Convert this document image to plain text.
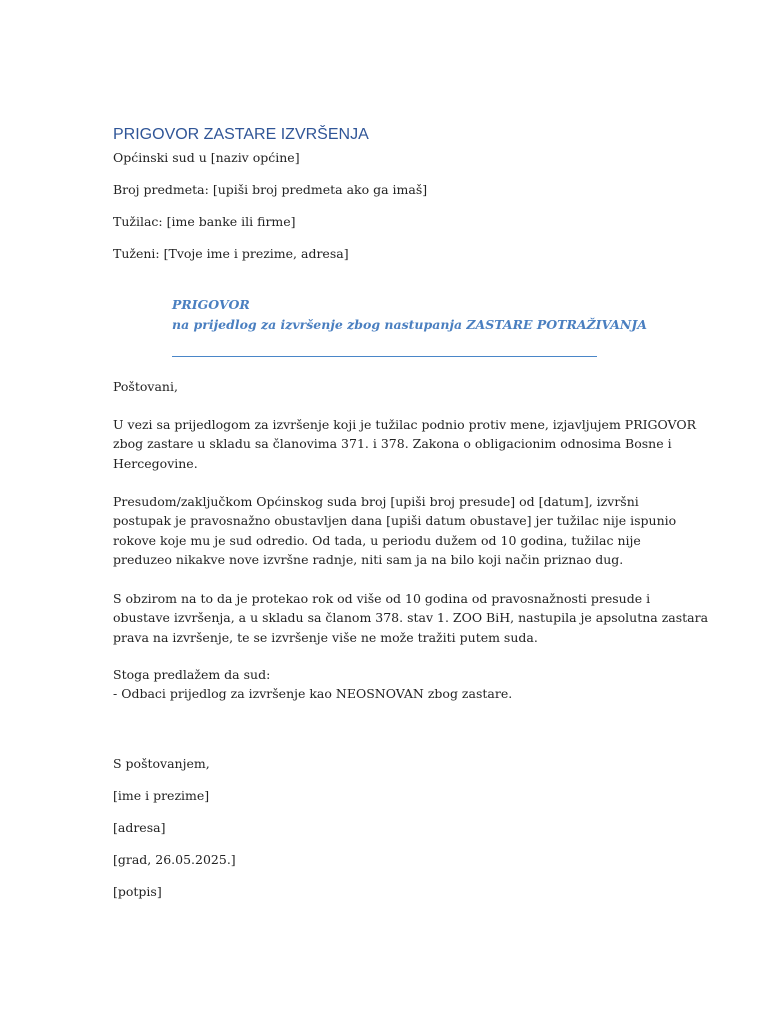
PRIGOVOR ZASTARE IZVRŠENJA

Općinski sud u [naziv općine]

Broj predmeta: [upiši broj predmeta ako ga imaš]

Tužilac: [ime banke ili firme]

Tuženi: [Tvoje ime i prezime, adresa]

PRIGOVOR

na prijedlog za izvršenje zbog nastupanja ZASTARE POTRAŽIVANJA

Poštovani,

U vezi sa prijedlogom za izvršenje koji je tužilac podnio protiv mene, izjavljujem PRIGOVOR
zbog zastare u skladu sa članovima 371. i 378. Zakona o obligacionim odnosima Bosne i
Hercegovine.
Presudom/zaključkom Općinskog suda broj [upiši broj presude] od [datum], izvršni
postupak je pravosnažno obustavljen dana [upiši datum obustave] jer tužilac nije ispunio
rokove koje mu je sud odredio. Od tada, u periodu dužem od 10 godina, tužilac nije
preduzeo nikakve nove izvršne radnje, niti sam ja na bilo koji način priznao dug.
S obzirom na to da je protekao rok od više od 10 godina od pravosnažnosti presude i
obustave izvršenja, a u skladu sa članom 378. stav 1. ZOO BiH, nastupila je apsolutna zastara
prava na izvršenje, te se izvršenje više ne može tražiti putem suda.
Stoga predlažem da sud:
- Odbaci prijedlog za izvršenje kao NEOSNOVAN zbog zastare.

S poštovanjem,

[ime i prezime]

[adresa]

[grad, 26.05.2025.]

[potpis]
